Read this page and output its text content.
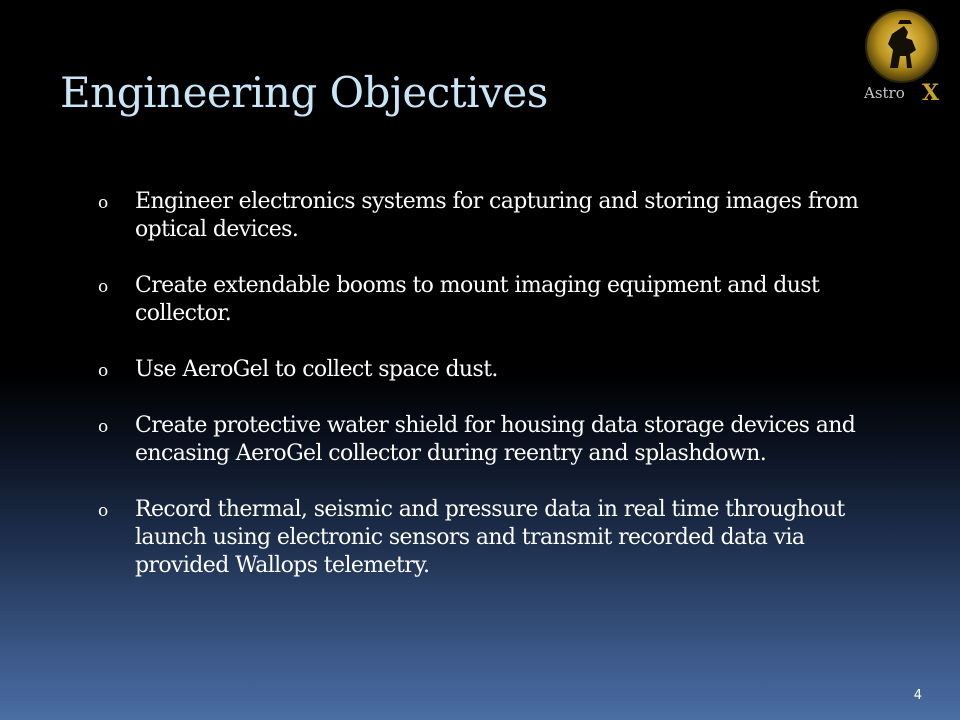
Engineering Objectives	Astro X
o Engineer electronics systems for capturing and storing images from optical devices.
o Create extendable booms to mount imaging equipment and dust collector.
o Use AeroGel to collect space dust.
o Create protective water shield for housing data storage devices and encasing AeroGel collector during reentry and splashdown.
o Record thermal, seismic and pressure data in real time throughout launch using electronic sensors and transmit recorded data via provided Wallops telemetry.
4
